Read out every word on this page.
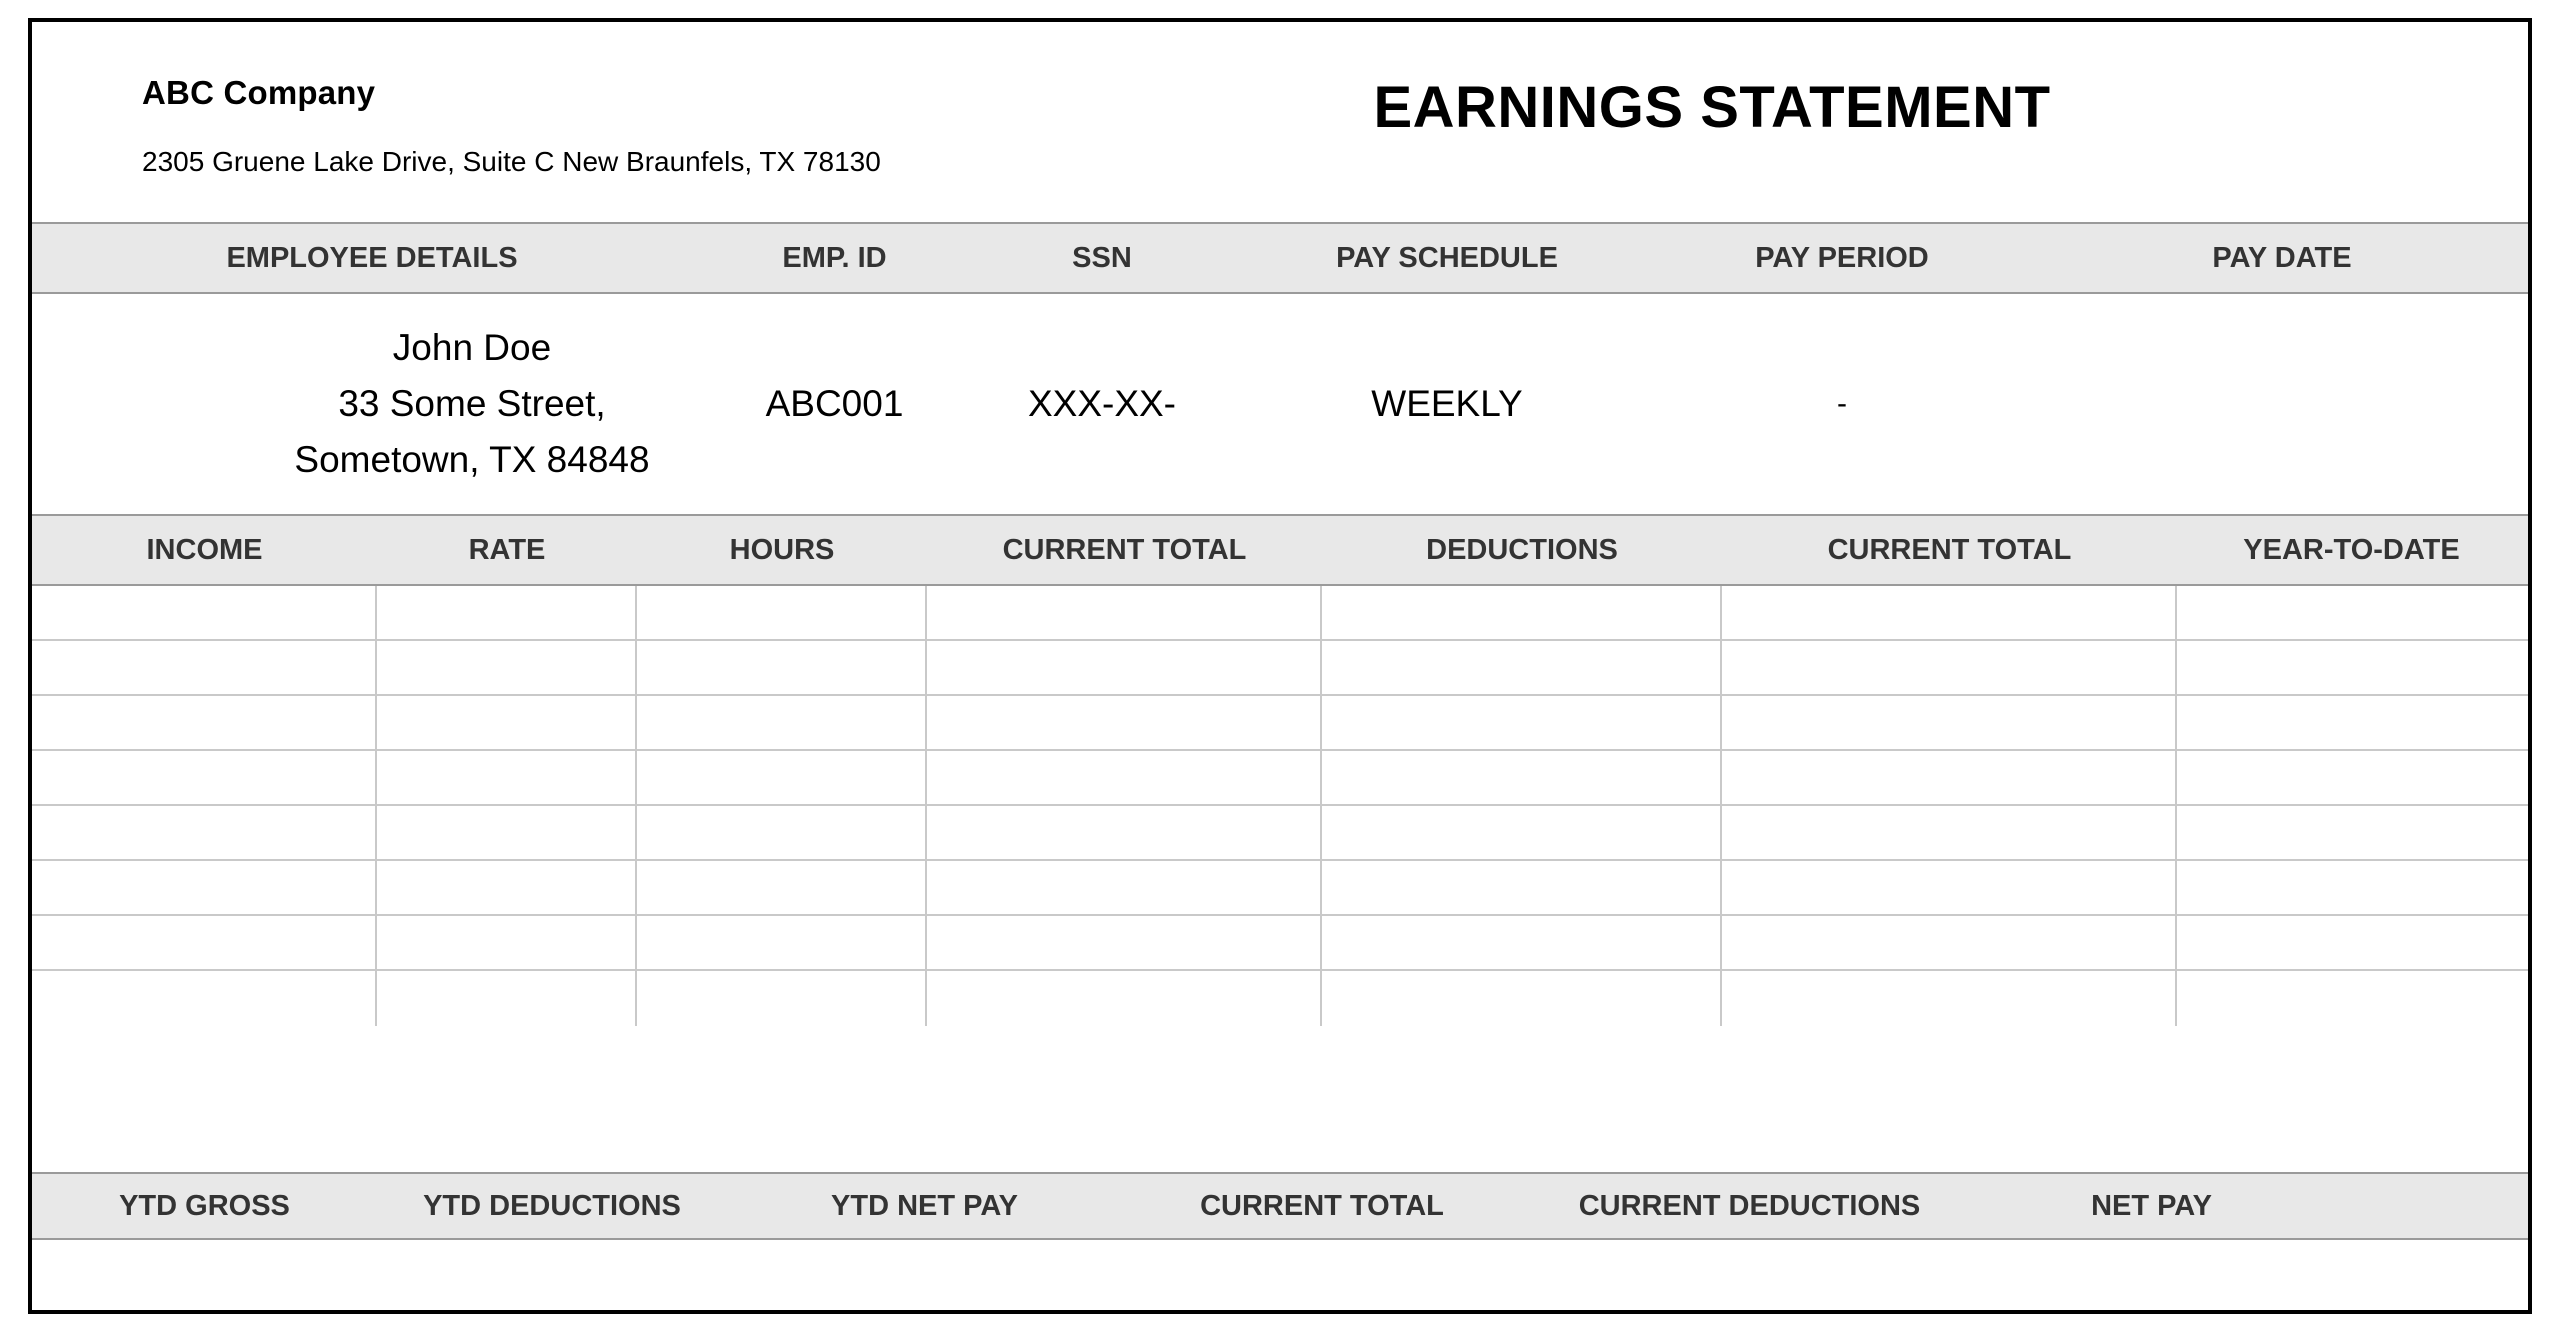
ABC Company
2305 Gruene Lake Drive, Suite C New Braunfels, TX 78130
EARNINGS STATEMENT
EMPLOYEE DETAILS	EMP. ID	SSN	PAY SCHEDULE	PAY PERIOD	PAY DATE
John Doe
33 Some Street,
Sometown, TX 84848
ABC001	XXX-XX-	WEEKLY	-
INCOME	RATE	HOURS	CURRENT TOTAL	DEDUCTIONS	CURRENT TOTAL	YEAR-TO-DATE
YTD GROSS	YTD DEDUCTIONS	YTD NET PAY	CURRENT TOTAL	CURRENT DEDUCTIONS	NET PAY
